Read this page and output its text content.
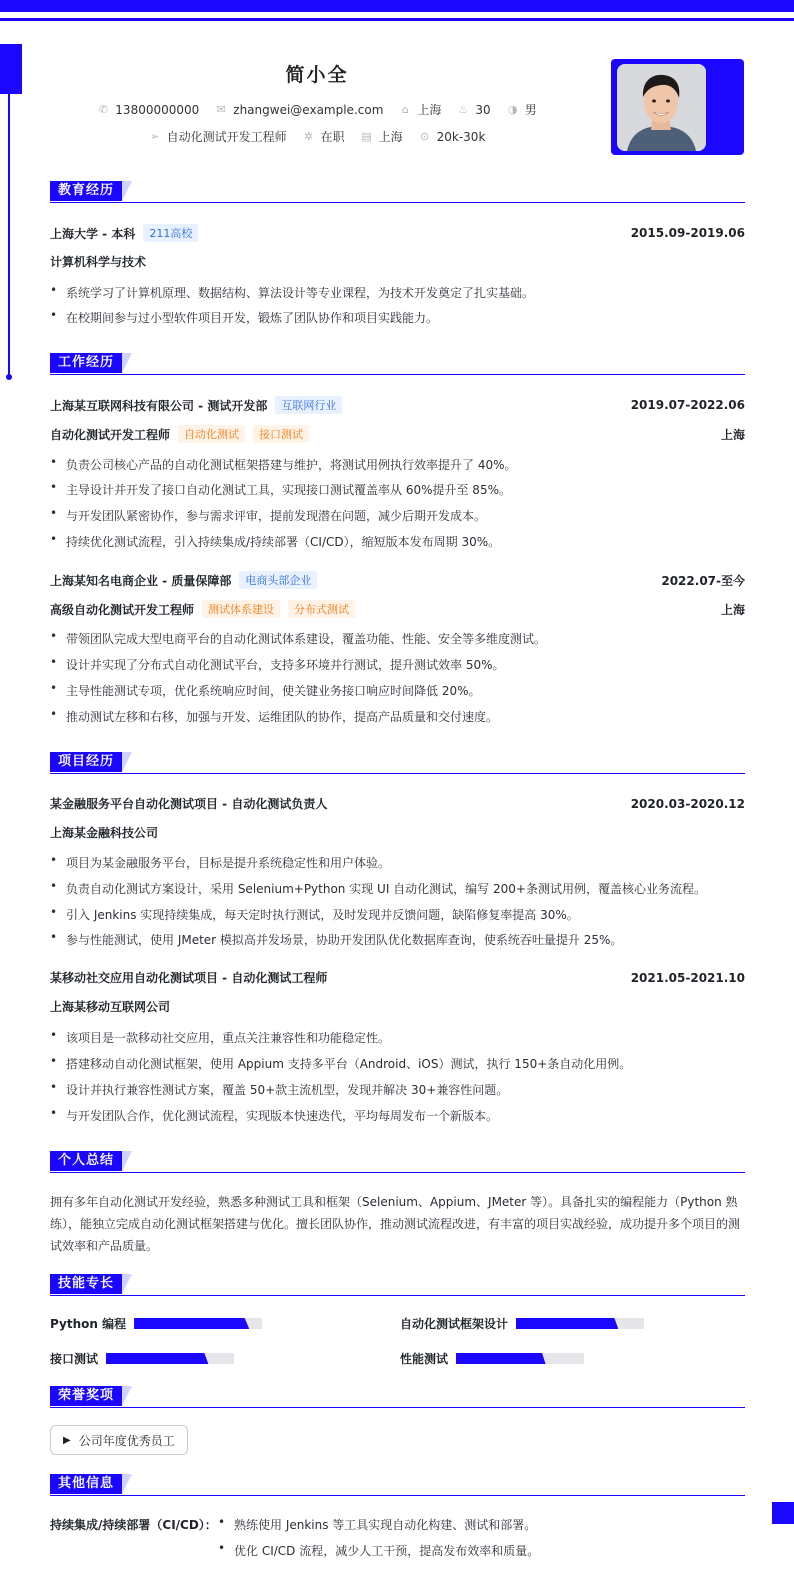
简小全
✆ 13800000000 ✉ zhangwei@example.com ⌂ 上海 ♨ 30 ◑ 男
➢ 自动化测试开发工程师 ✲ 在职 ▤ 上海 ⊙ 20k-30k
教育经历
上海大学 - 本科	211高校	2015.09-2019.06
计算机科学与技术
• 系统学习了计算机原理、数据结构、算法设计等专业课程，为技术开发奠定了扎实基础。
• 在校期间参与过小型软件项目开发，锻炼了团队协作和项目实践能力。
工作经历
上海某互联网科技有限公司 - 测试开发部	互联网行业	2019.07-2022.06
自动化测试开发工程师	自动化测试	接口测试	上海
• 负责公司核心产品的自动化测试框架搭建与维护，将测试用例执行效率提升了 40%。
• 主导设计并开发了接口自动化测试工具，实现接口测试覆盖率从 60%提升至 85%。
• 与开发团队紧密协作，参与需求评审，提前发现潜在问题，减少后期开发成本。
• 持续优化测试流程，引入持续集成/持续部署（CI/CD），缩短版本发布周期 30%。
上海某知名电商企业 - 质量保障部	电商头部企业	2022.07-至今
高级自动化测试开发工程师	测试体系建设	分布式测试	上海
• 带领团队完成大型电商平台的自动化测试体系建设，覆盖功能、性能、安全等多维度测试。
• 设计并实现了分布式自动化测试平台，支持多环境并行测试，提升测试效率 50%。
• 主导性能测试专项，优化系统响应时间，使关键业务接口响应时间降低 20%。
• 推动测试左移和右移，加强与开发、运维团队的协作，提高产品质量和交付速度。
项目经历
某金融服务平台自动化测试项目 - 自动化测试负责人	2020.03-2020.12
上海某金融科技公司
• 项目为某金融服务平台，目标是提升系统稳定性和用户体验。
• 负责自动化测试方案设计，采用 Selenium+Python 实现 UI 自动化测试，编写 200+条测试用例，覆盖核心业务流程。
• 引入 Jenkins 实现持续集成，每天定时执行测试，及时发现并反馈问题，缺陷修复率提高 30%。
• 参与性能测试，使用 JMeter 模拟高并发场景，协助开发团队优化数据库查询，使系统吞吐量提升 25%。
某移动社交应用自动化测试项目 - 自动化测试工程师	2021.05-2021.10
上海某移动互联网公司
• 该项目是一款移动社交应用，重点关注兼容性和功能稳定性。
• 搭建移动自动化测试框架，使用 Appium 支持多平台（Android、iOS）测试，执行 150+条自动化用例。
• 设计并执行兼容性测试方案，覆盖 50+款主流机型，发现并解决 30+兼容性问题。
• 与开发团队合作，优化测试流程，实现版本快速迭代，平均每周发布一个新版本。
个人总结
拥有多年自动化测试开发经验，熟悉多种测试工具和框架（Selenium、Appium、JMeter 等）。具备扎实的编程能力（Python 熟练），能独立完成自动化测试框架搭建与优化。擅长团队协作，推动测试流程改进，有丰富的项目实战经验，成功提升多个项目的测试效率和产品质量。
技能专长
Python 编程	自动化测试框架设计
接口测试	性能测试
荣誉奖项
▶ 公司年度优秀员工
其他信息
持续集成/持续部署（CI/CD）：
•	熟练使用 Jenkins 等工具实现自动化构建、测试和部署。
• 优化 CI/CD 流程，减少人工干预，提高发布效率和质量。
